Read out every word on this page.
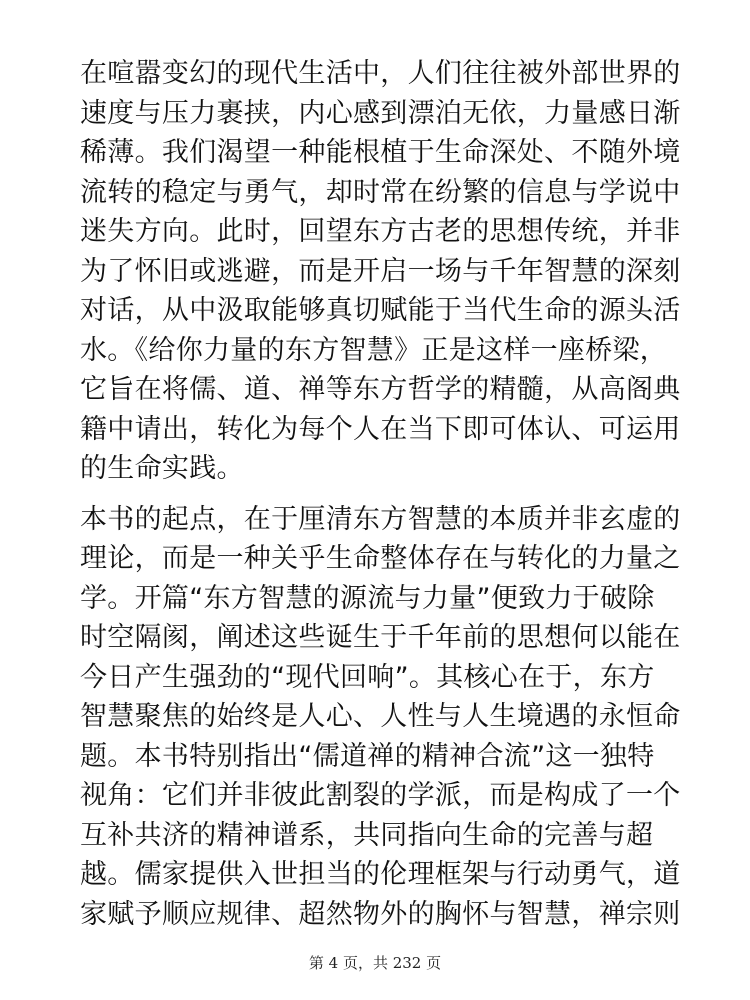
在喧嚣变幻的现代生活中，人们往往被外部世界的
速度与压力裹挟，内心感到漂泊无依，力量感日渐
稀薄。我们渴望一种能根植于生命深处、不随外境
流转的稳定与勇气，却时常在纷繁的信息与学说中
迷失方向。此时，回望东方古老的思想传统，并非
为了怀旧或逃避，而是开启一场与千年智慧的深刻
对话，从中汲取能够真切赋能于当代生命的源头活
水。《给你力量的东方智慧》正是这样一座桥梁，
它旨在将儒、道、禅等东方哲学的精髓，从高阁典
籍中请出，转化为每个人在当下即可体认、可运用
的生命实践。

本书的起点，在于厘清东方智慧的本质并非玄虚的
理论，而是一种关乎生命整体存在与转化的力量之
学。开篇“东方智慧的源流与力量”便致力于破除
时空隔阂，阐述这些诞生于千年前的思想何以能在
今日产生强劲的“现代回响”。其核心在于，东方
智慧聚焦的始终是人心、人性与人生境遇的永恒命
题。本书特别指出“儒道禅的精神合流”这一独特
视角：它们并非彼此割裂的学派，而是构成了一个
互补共济的精神谱系，共同指向生命的完善与超
越。儒家提供入世担当的伦理框架与行动勇气，道
家赋予顺应规律、超然物外的胸怀与智慧，禅宗则

第 4 页，共 232 页
